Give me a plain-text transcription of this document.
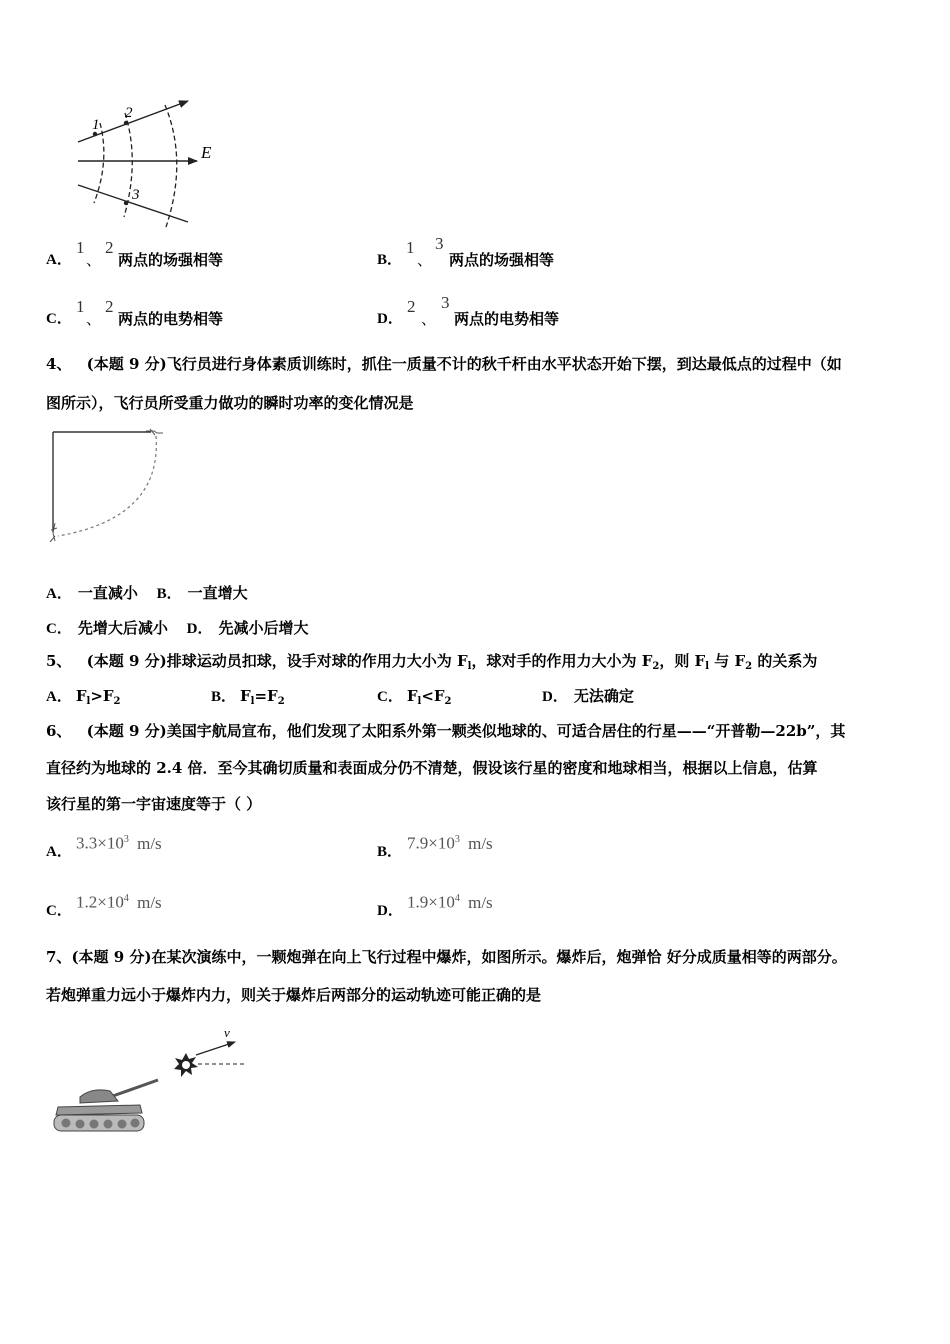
1
2
3
E
A．
1
、
2
两点的场强相等	B．
1
、
3
两点的场强相等
C．
1
、
2
两点的电势相等	D．
2
、
3
两点的电势相等
4、 (本题 9 分)飞行员进行身体素质训练时，抓住一质量不计的秋千杆由水平状态开始下摆，到达最低点的过程中（如
图所示），飞行员所受重力做功的瞬时功率的变化情况是
A． 一直减小 B． 一直增大
C． 先增大后减小 D． 先减小后增大
5、 (本题 9 分)排球运动员扣球，设手对球的作用力大小为 $F_l$，球对手的作用力大小为 $F_2$，则 $F_l$ 与 $F_2$ 的关系为
A． $F_l>F_2$	B． $F_l=F_2$	C． $F_l<F_2$	D． 无法确定
6、 (本题 9 分)美国宇航局宣布，他们发现了太阳系外第一颗类似地球的、可适合居住的行星——“开普勒—22b”，其
直径约为地球的 2.4 倍．至今其确切质量和表面成分仍不清楚，假设该行星的密度和地球相当，根据以上信息，估算
该行星的第一宇宙速度等于（ ）
A． $3.3\times 10^3$ m/s	B． $7.9\times 10^3$ m/s
C． $1.2\times 10^4$ m/s	D． $1.9\times 10^4$ m/s
7、(本题 9 分)在某次演练中，一颗炮弹在向上飞行过程中爆炸，如图所示。爆炸后，炮弹恰 好分成质量相等的两部分。
若炮弹重力远小于爆炸内力，则关于爆炸后两部分的运动轨迹可能正确的是
v
